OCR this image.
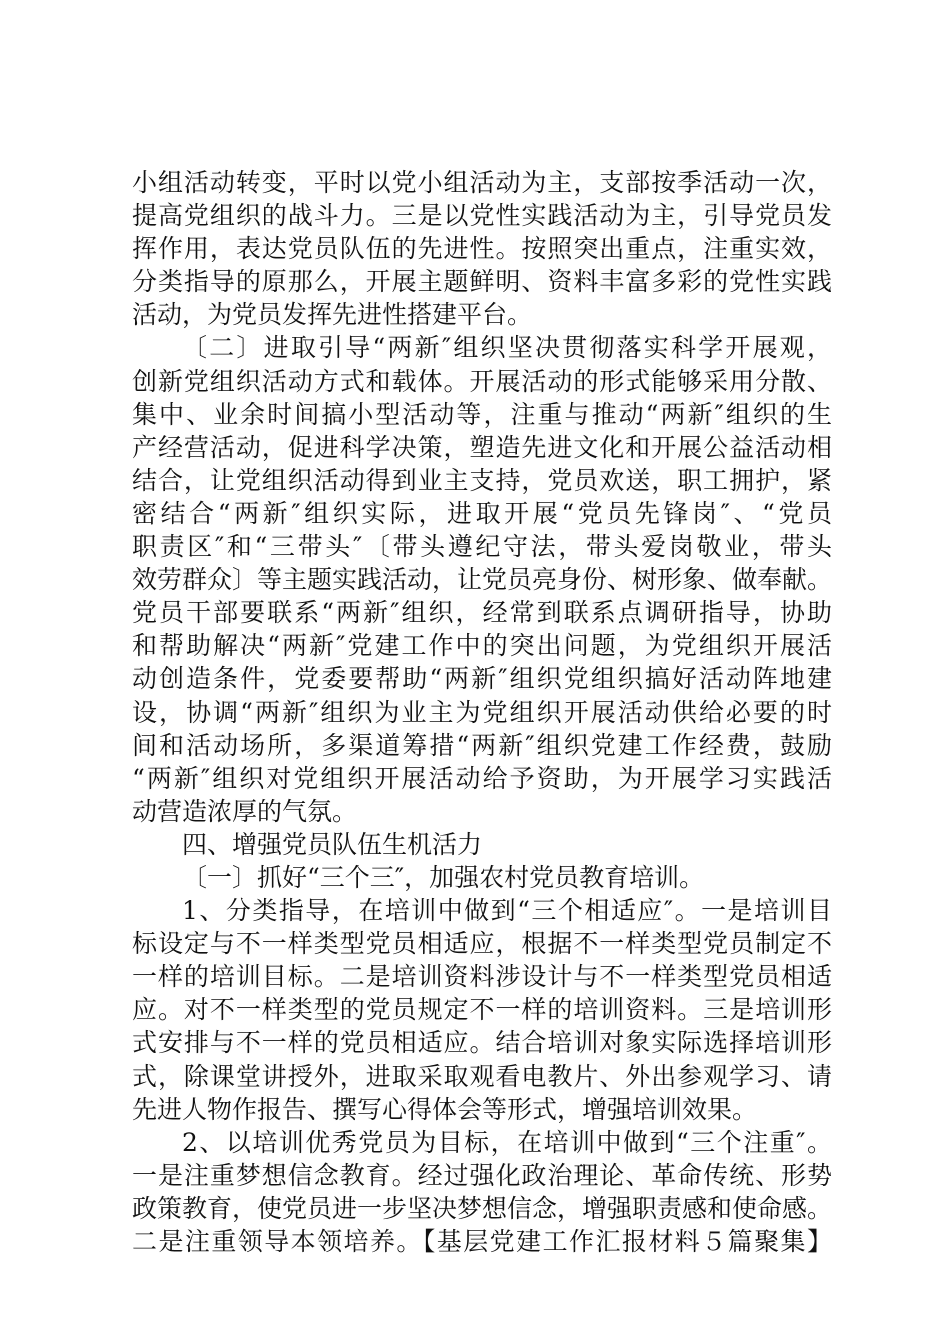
小组活动转变，平时以党小组活动为主，支部按季活动一次，
提高党组织的战斗力。三是以党性实践活动为主，引导党员发
挥作用，表达党员队伍的先进性。按照突出重点，注重实效，
分类指导的原那么，开展主题鲜明、资料丰富多彩的党性实践
活动，为党员发挥先进性搭建平台。
〔二〕进取引导“两新″组织坚决贯彻落实科学开展观，
创新党组织活动方式和载体。开展活动的形式能够采用分散、
集中、业余时间搞小型活动等，注重与推动“两新″组织的生
产经营活动，促进科学决策，塑造先进文化和开展公益活动相
结合，让党组织活动得到业主支持，党员欢送，职工拥护，紧
密结合“两新″组织实际，进取开展“党员先锋岗″、“党员
职责区″和“三带头″〔带头遵纪守法，带头爱岗敬业，带头
效劳群众〕等主题实践活动，让党员亮身份、树形象、做奉献。
党员干部要联系“两新″组织，经常到联系点调研指导，协助
和帮助解决“两新″党建工作中的突出问题，为党组织开展活
动创造条件，党委要帮助“两新″组织党组织搞好活动阵地建
设，协调“两新″组织为业主为党组织开展活动供给必要的时
间和活动场所，多渠道筹措“两新″组织党建工作经费，鼓励
“两新″组织对党组织开展活动给予资助，为开展学习实践活
动营造浓厚的气氛。
四、增强党员队伍生机活力
〔一〕抓好“三个三″，加强农村党员教育培训。
1、分类指导，在培训中做到“三个相适应″。一是培训目
标设定与不一样类型党员相适应，根据不一样类型党员制定不
一样的培训目标。二是培训资料涉设计与不一样类型党员相适
应。对不一样类型的党员规定不一样的培训资料。三是培训形
式安排与不一样的党员相适应。结合培训对象实际选择培训形
式，除课堂讲授外，进取采取观看电教片、外出参观学习、请
先进人物作报告、撰写心得体会等形式，增强培训效果。
2、以培训优秀党员为目标，在培训中做到“三个注重″。
一是注重梦想信念教育。经过强化政治理论、革命传统、形势
政策教育，使党员进一步坚决梦想信念，增强职责感和使命感。
二是注重领导本领培养。【基层党建工作汇报材料５篇聚集】
